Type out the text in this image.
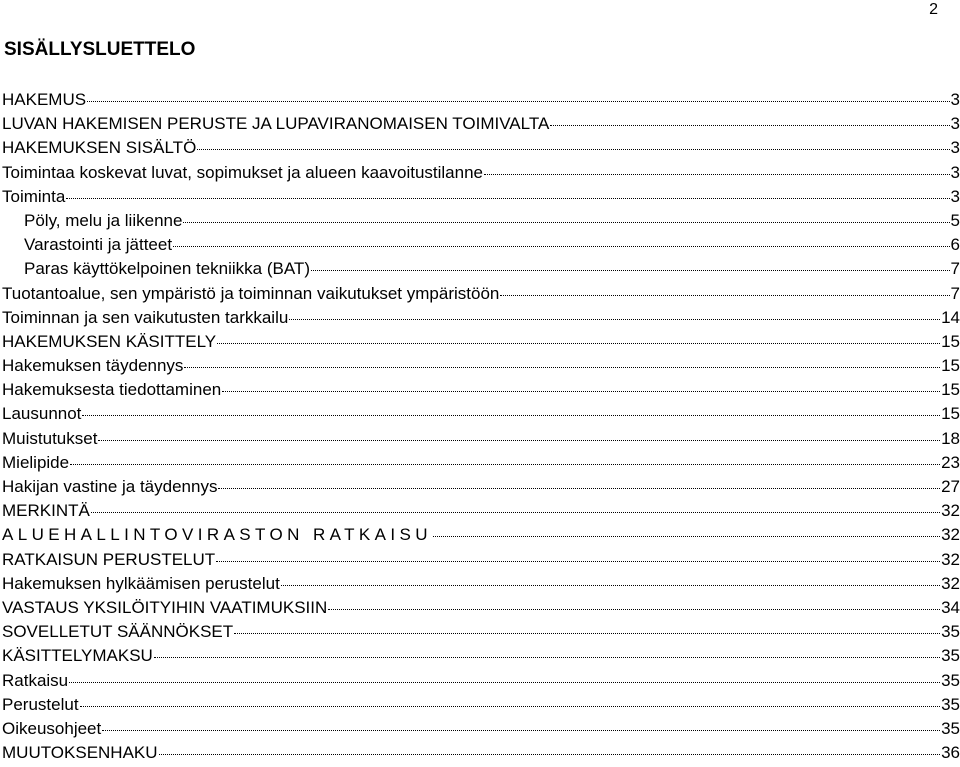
2
SISÄLLYSLUETTELO
HAKEMUS	3
LUVAN HAKEMISEN PERUSTE JA LUPAVIRANOMAISEN TOIMIVALTA	3
HAKEMUKSEN SISÄLTÖ	3
Toimintaa koskevat luvat, sopimukset ja alueen kaavoitustilanne	3
Toiminta	3
Pöly, melu ja liikenne	5
Varastointi ja jätteet	6
Paras käyttökelpoinen tekniikka (BAT)	7
Tuotantoalue, sen ympäristö ja toiminnan vaikutukset ympäristöön	7
Toiminnan ja sen vaikutusten tarkkailu	14
HAKEMUKSEN KÄSITTELY	15
Hakemuksen täydennys	15
Hakemuksesta tiedottaminen	15
Lausunnot	15
Muistutukset	18
Mielipide	23
Hakijan vastine ja täydennys	27
MERKINTÄ	32
ALUEHALLINTOVIRASTON RATKAISU	32
RATKAISUN PERUSTELUT	32
Hakemuksen hylkäämisen perustelut	32
VASTAUS YKSILÖITYIHIN VAATIMUKSIIN	34
SOVELLETUT SÄÄNNÖKSET	35
KÄSITTELYMAKSU	35
Ratkaisu	35
Perustelut	35
Oikeusohjeet	35
MUUTOKSENHAKU	36
